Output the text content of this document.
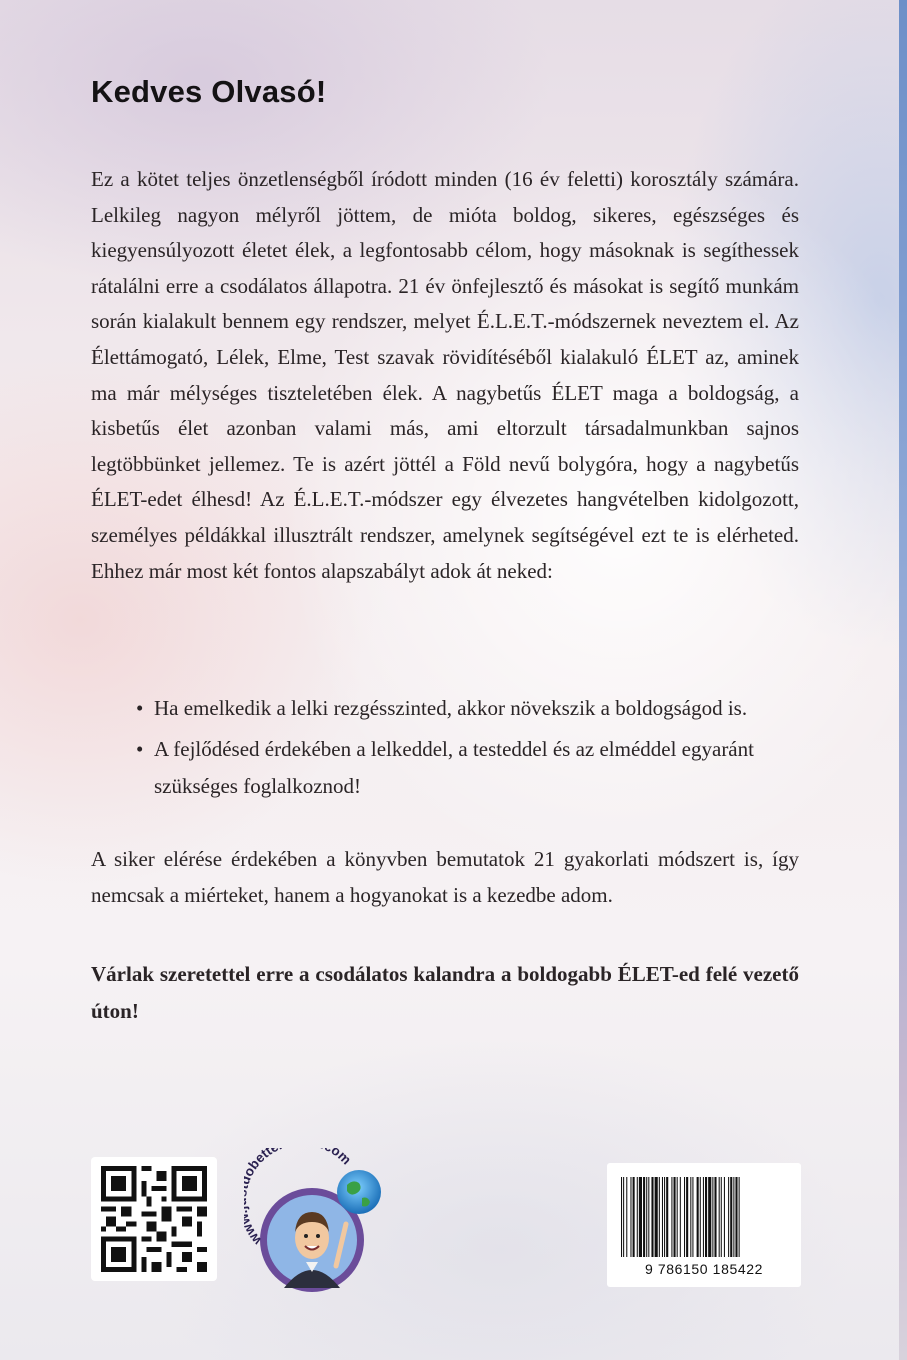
Kedves Olvasó!

Ez a kötet teljes önzetlenségből íródott minden (16 év feletti) korosztály számára. Lelkileg nagyon mélyről jöttem, de mióta boldog, sikeres, egészséges és kiegyensúlyozott életet élek, a legfontosabb célom, hogy másoknak is segíthessek rátalálni erre a csodálatos állapotra. 21 év önfejlesztő és másokat is segítő munkám során kialakult bennem egy rendszer, melyet É.L.E.T.-módszernek neveztem el. Az Élettámogató, Lélek, Elme, Test szavak rövidítéséből kialakuló ÉLET az, aminek ma már mélységes tiszteletében élek. A nagybetűs ÉLET maga a boldogság, a kisbetűs élet azonban valami más, ami eltorzult társadalmunkban sajnos legtöbbünket jellemez. Te is azért jöttél a Föld nevű bolygóra, hogy a nagybetűs ÉLET-edet élhesd! Az É.L.E.T.-módszer egy élvezetes hangvételben kidolgozott, személyes példákkal illusztrált rendszer, amelynek segítségével ezt te is elérheted. Ehhez már most két fontos alapszabályt adok át neked:

• Ha emelkedik a lelki rezgésszinted, akkor növekszik a boldogságod is.
• A fejlődésed érdekében a lelkeddel, a testeddel és az elméddel egyaránt szükséges foglalkoznod!

A siker elérése érdekében a könyvben bemutatok 21 gyakorlati módszert is, így nemcsak a miérteket, hanem a hogyanokat is a kezedbe adom.

Várlak szeretettel erre a csodálatos kalandra a boldogabb ÉLET-ed felé vezető úton!

w bett om
9 786150 185422
